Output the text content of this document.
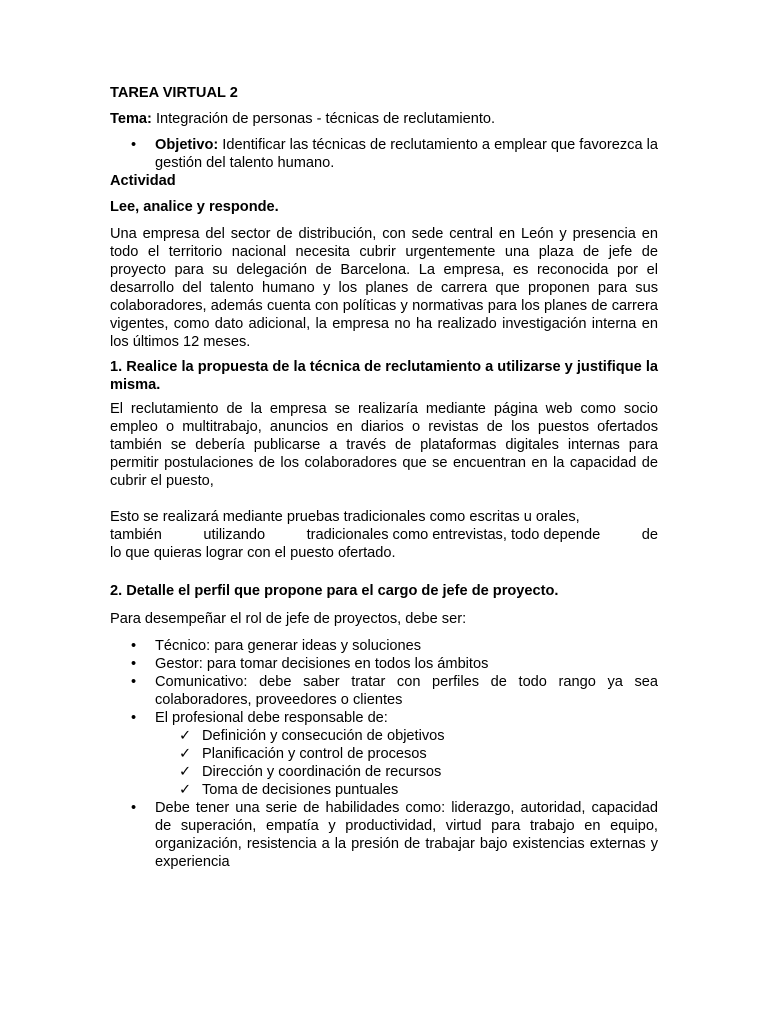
TAREA VIRTUAL 2

Tema: Integración de personas - técnicas de reclutamiento.

• Objetivo: Identificar las técnicas de reclutamiento a emplear que favorezca la gestión del talento humano.

Actividad

Lee, analice y responde.

Una empresa del sector de distribución, con sede central en León y presencia en todo el territorio nacional necesita cubrir urgentemente una plaza de jefe de proyecto para su delegación de Barcelona. La empresa, es reconocida por el desarrollo del talento humano y los planes de carrera que proponen para sus colaboradores, además cuenta con políticas y normativas para los planes de carrera vigentes, como dato adicional, la empresa no ha realizado investigación interna en los últimos 12 meses.

1. Realice la propuesta de la técnica de reclutamiento a utilizarse y justifique la misma.

El reclutamiento de la empresa se realizaría mediante página web como socio empleo o multitrabajo, anuncios en diarios o revistas de los puestos ofertados también se debería publicarse a través de plataformas digitales internas para permitir postulaciones de los colaboradores que se encuentran en la capacidad de cubrir el puesto,

Esto se realizará mediante pruebas tradicionales como escritas u orales,
también	utilizando	tradicionales como entrevistas, todo depende	de
lo que quieras lograr con el puesto ofertado.

2. Detalle el perfil que propone para el cargo de jefe de proyecto.

Para desempeñar el rol de jefe de proyectos, debe ser:

• Técnico: para generar ideas y soluciones
• Gestor: para tomar decisiones en todos los ámbitos
• Comunicativo: debe saber tratar con perfiles de todo rango ya sea colaboradores, proveedores o clientes
• El profesional debe responsable de:
✓ Definición y consecución de objetivos
✓ Planificación y control de procesos
✓ Dirección y coordinación de recursos
✓ Toma de decisiones puntuales
• Debe tener una serie de habilidades como: liderazgo, autoridad, capacidad de superación, empatía y productividad, virtud para trabajo en equipo, organización, resistencia a la presión de trabajar bajo existencias externas y experiencia
